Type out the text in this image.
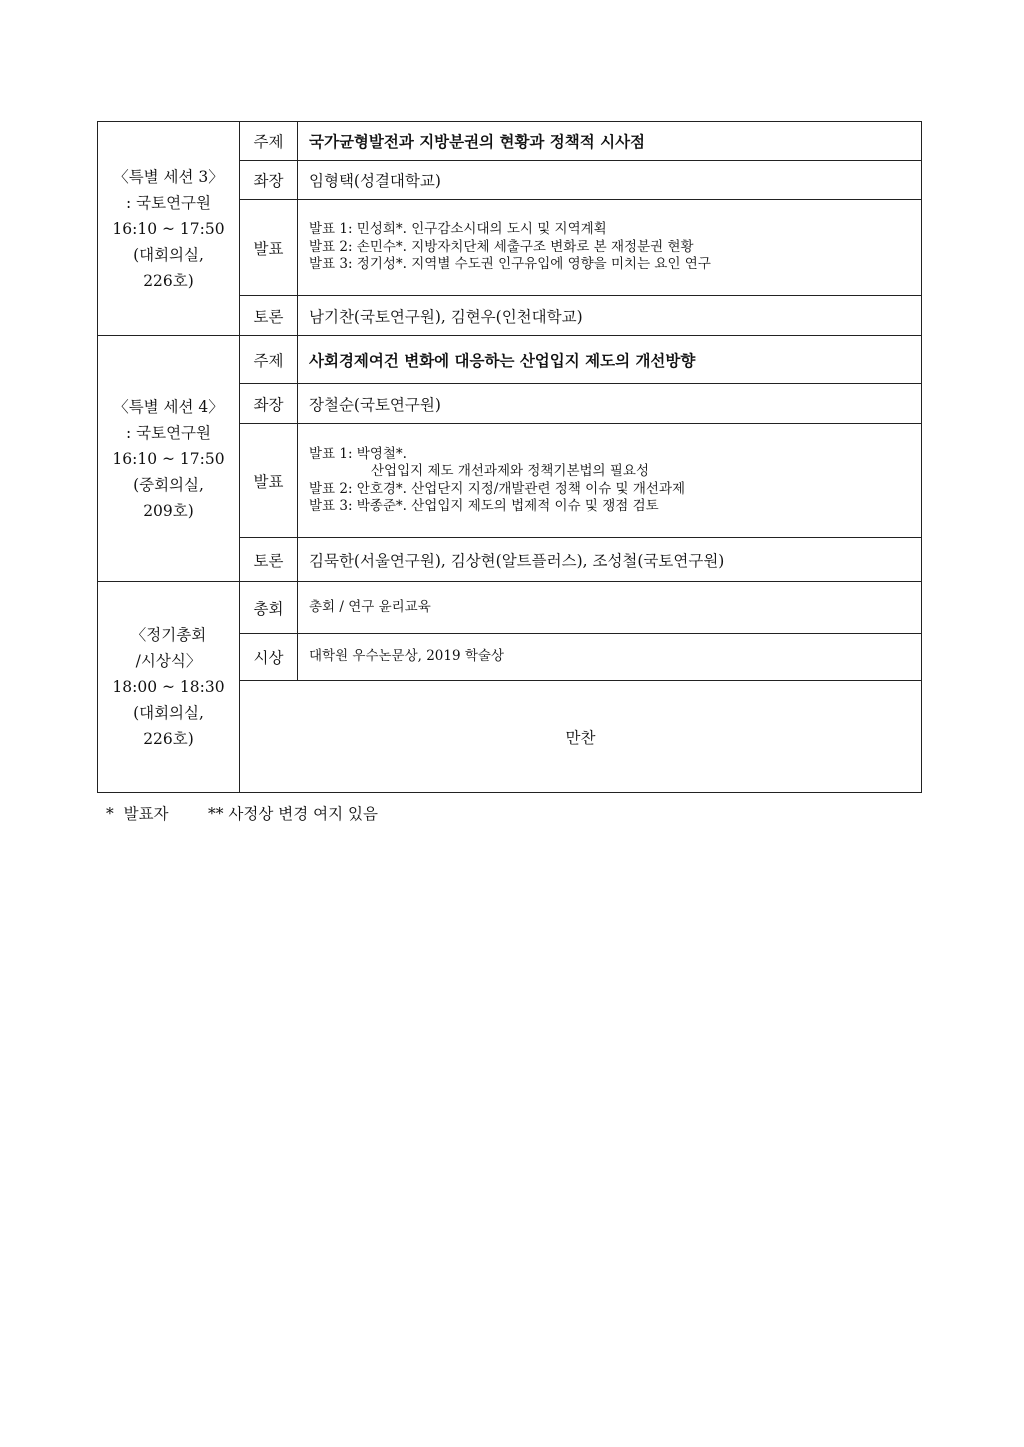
〈특별 세션 3〉
: 국토연구원
16:10 ~ 17:50
(대회의실,
226호)	주제	국가균형발전과 지방분권의 현황과 정책적 시사점
	좌장	임형택(성결대학교)
	발표	발표 1: 민성희*. 인구감소시대의 도시 및 지역계획
발표 2: 손민수*. 지방자치단체 세출구조 변화로 본 재정분권 현황
발표 3: 정기성*. 지역별 수도권 인구유입에 영향을 미치는 요인 연구

	토론	남기찬(국토연구원), 김현우(인천대학교)

〈특별 세션 4〉
: 국토연구원
16:10 ~ 17:50
(중회의실,
209호)	주제	사회경제여건 변화에 대응하는 산업입지 제도의 개선방향
	좌장	장철순(국토연구원)
	발표	발표 1: 박영철*.
산업입지 제도 개선과제와 정책기본법의 필요성
발표 2: 안호경*. 산업단지 지정/개발관련 정책 이슈 및 개선과제
발표 3: 박종준*. 산업입지 제도의 법제적 이슈 및 쟁점 검토

	토론	김묵한(서울연구원), 김상현(알트플러스), 조성철(국토연구원)

〈정기총회
/시상식〉
18:00 ~ 18:30
(대회의실,
226호)	총회	총회 / 연구 윤리교육
	시상	대학원 우수논문상, 2019 학술상
	만찬	
*  발표자	** 사정상 변경 여지 있음
